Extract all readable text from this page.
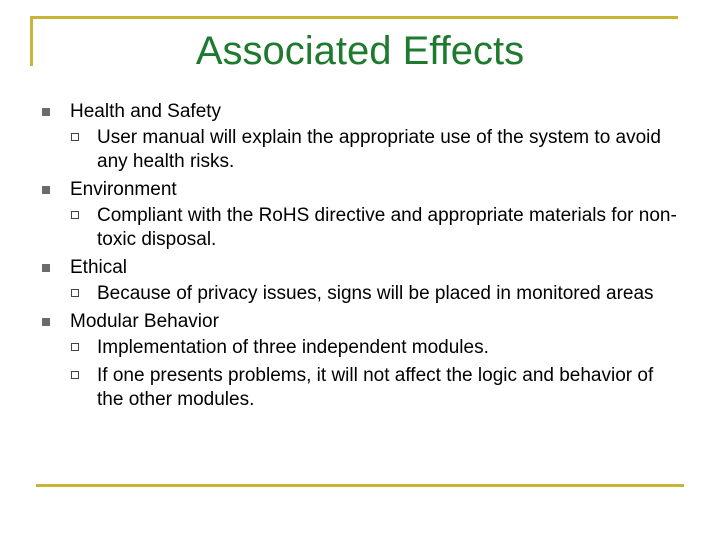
Associated Effects
Health and Safety
User manual will explain the appropriate use of the system to avoid any health risks.
Environment
Compliant with the RoHS directive and appropriate materials for non-toxic disposal.
Ethical
Because of privacy issues, signs will be placed in monitored areas
Modular Behavior
Implementation of three independent modules.
If one presents problems, it will not affect the logic and behavior of the other modules.
